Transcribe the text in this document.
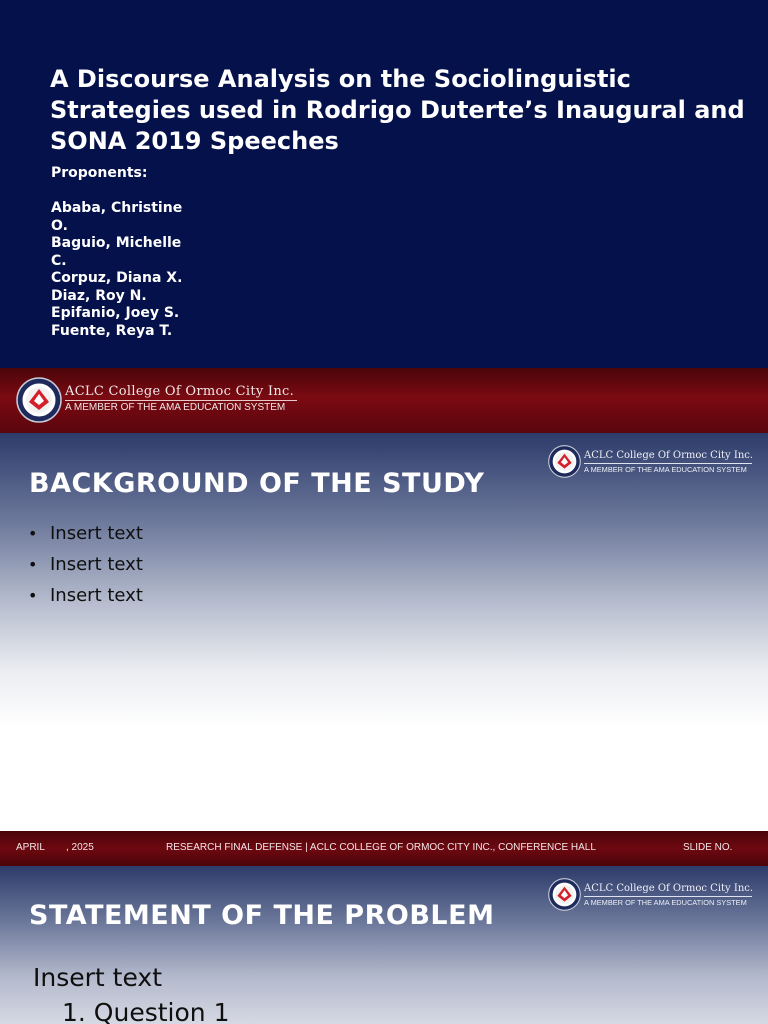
A Discourse Analysis on the Sociolinguistic Strategies used in Rodrigo Duterte’s Inaugural and SONA 2019 Speeches
Proponents:
Ababa, Christine O.
Baguio, Michelle C.
Corpuz, Diana X.
Diaz, Roy N.
Epifanio, Joey S.
Fuente, Reya T.
ACLC College Of Ormoc City Inc.
A MEMBER OF THE AMA EDUCATION SYSTEM
ACLC College Of Ormoc City Inc.
A MEMBER OF THE AMA EDUCATION SYSTEM
BACKGROUND OF THE STUDY
• Insert text
• Insert text
• Insert text
APRIL , 2025	RESEARCH FINAL DEFENSE | ACLC COLLEGE OF ORMOC CITY INC., CONFERENCE HALL	SLIDE NO.
ACLC College Of Ormoc City Inc.
A MEMBER OF THE AMA EDUCATION SYSTEM
STATEMENT OF THE PROBLEM
Insert text
1. Question 1
